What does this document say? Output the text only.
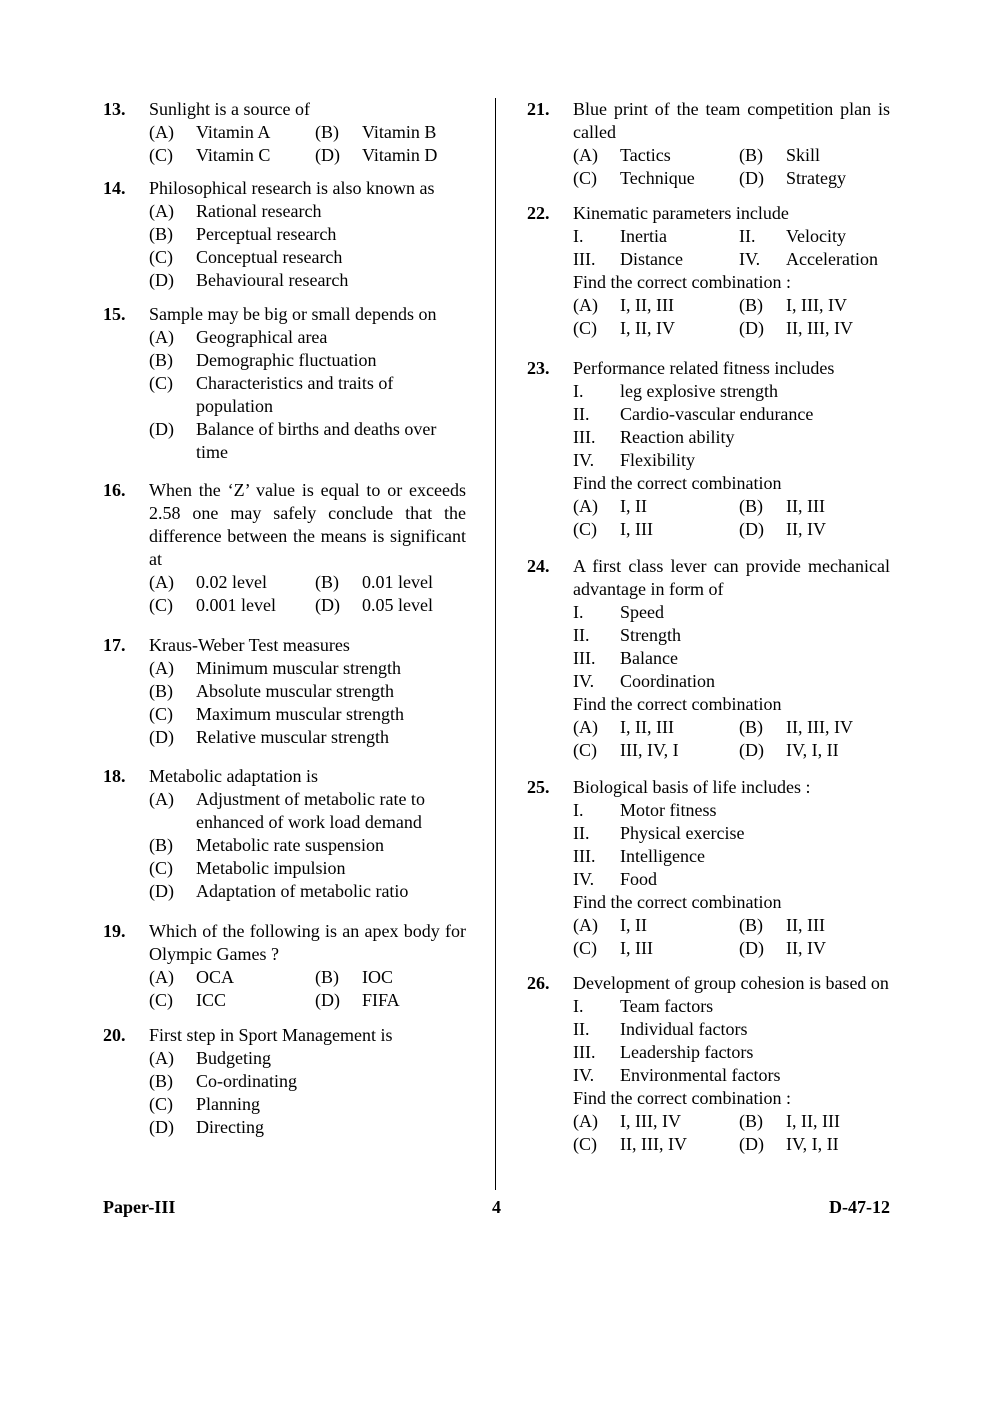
13. Sunlight is a source of
(A) Vitamin A	(B) Vitamin B
(C) Vitamin C	(D) Vitamin D
14. Philosophical research is also known as
(A) Rational research
(B) Perceptual research
(C) Conceptual research
(D) Behavioural research
15. Sample may be big or small depends on
(A) Geographical area
(B) Demographic fluctuation
(C) Characteristics and traits of population
(D) Balance of births and deaths over time
16. When the ‘Z’ value is equal to or exceeds 2.58 one may safely conclude that the difference between the means is significant at
(A) 0.02 level	(B) 0.01 level
(C) 0.001 level	(D) 0.05 level
17. Kraus-Weber Test measures
(A) Minimum muscular strength
(B) Absolute muscular strength
(C) Maximum muscular strength
(D) Relative muscular strength
18. Metabolic adaptation is
(A) Adjustment of metabolic rate to enhanced of work load demand
(B) Metabolic rate suspension
(C) Metabolic impulsion
(D) Adaptation of metabolic ratio
19. Which of the following is an apex body for Olympic Games ?
(A) OCA	(B) IOC
(C) ICC	(D) FIFA
20. First step in Sport Management is
(A) Budgeting
(B) Co-ordinating
(C) Planning
(D) Directing
21. Blue print of the team competition plan is called
(A) Tactics	(B) Skill
(C) Technique	(D) Strategy
22. Kinematic parameters include
I. Inertia	II. Velocity
III. Distance	IV. Acceleration
Find the correct combination :
(A) I, II, III	(B) I, III, IV
(C) I, II, IV	(D) II, III, IV
23. Performance related fitness includes
I. leg explosive strength
II. Cardio-vascular endurance
III. Reaction ability
IV. Flexibility
Find the correct combination
(A) I, II	(B) II, III
(C) I, III	(D) II, IV
24. A first class lever can provide mechanical advantage in form of
I. Speed
II. Strength
III. Balance
IV. Coordination
Find the correct combination
(A) I, II, III	(B) II, III, IV
(C) III, IV, I	(D) IV, I, II
25. Biological basis of life includes :
I. Motor fitness
II. Physical exercise
III. Intelligence
IV. Food
Find the correct combination
(A) I, II	(B) II, III
(C) I, III	(D) II, IV
26. Development of group cohesion is based on
I. Team factors
II. Individual factors
III. Leadership factors
IV. Environmental factors
Find the correct combination :
(A) I, III, IV	(B) I, II, III
(C) II, III, IV	(D) IV, I, II
Paper-III	4	D-47-12
